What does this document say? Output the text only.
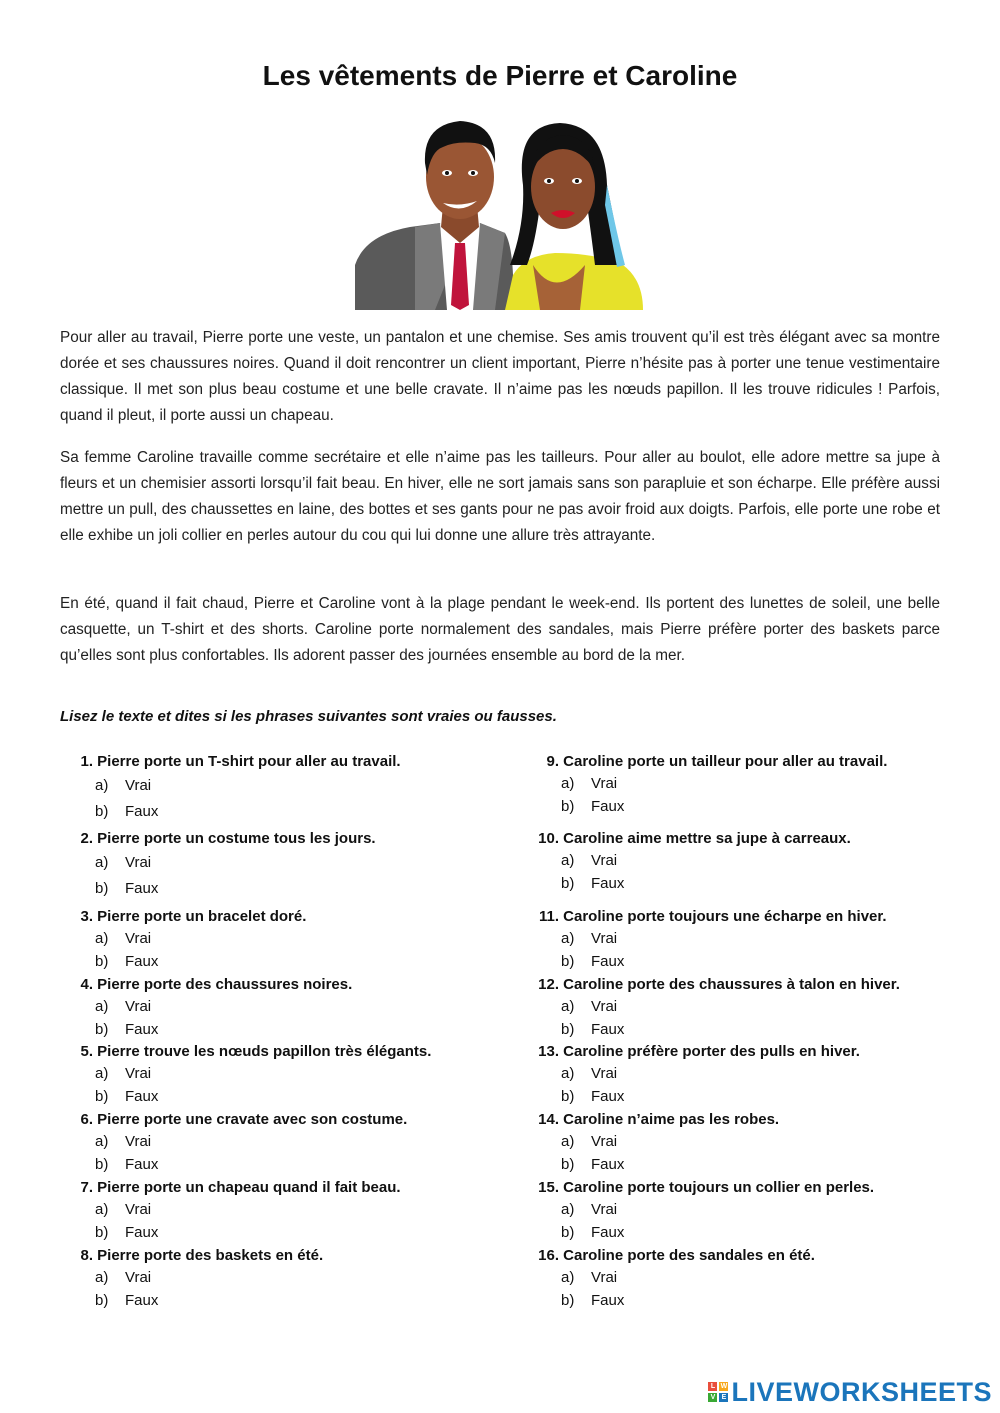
Les vêtements de Pierre et Caroline

Pour aller au travail, Pierre porte une veste, un pantalon et une chemise. Ses amis trouvent qu’il est très élégant avec sa montre dorée et ses chaussures noires. Quand il doit rencontrer un client important, Pierre n’hésite pas à porter une tenue vestimentaire classique. Il met son plus beau costume et une belle cravate. Il n’aime pas les nœuds papillon. Il les trouve ridicules ! Parfois, quand il pleut, il porte aussi un chapeau.

Sa femme Caroline travaille comme secrétaire et elle n’aime pas les tailleurs. Pour aller au boulot, elle adore mettre sa jupe à fleurs et un chemisier assorti lorsqu’il fait beau. En hiver, elle ne sort jamais sans son parapluie et son écharpe. Elle préfère aussi mettre un pull, des chaussettes en laine, des bottes et ses gants pour ne pas avoir froid aux doigts. Parfois, elle porte une robe et elle exhibe un joli collier en perles autour du cou qui lui donne une allure très attrayante.

En été, quand il fait chaud, Pierre et Caroline vont à la plage pendant le week-end. Ils portent des lunettes de soleil, une belle casquette, un T-shirt et des shorts. Caroline porte normalement des sandales, mais Pierre préfère porter des baskets parce qu’elles sont plus confortables. Ils adorent passer des journées ensemble au bord de la mer.

Lisez le texte et dites si les phrases suivantes sont vraies ou fausses.
1. Pierre porte un T-shirt pour aller au travail.
a) Vrai
b) Faux
2. Pierre porte un costume tous les jours.
a) Vrai
b) Faux
3. Pierre porte un bracelet doré.
a) Vrai
b) Faux
4. Pierre porte des chaussures noires.
a) Vrai
b) Faux
5. Pierre trouve les nœuds papillon très élégants.
a) Vrai
b) Faux
6. Pierre porte une cravate avec son costume.
a) Vrai
b) Faux
7. Pierre porte un chapeau quand il fait beau.
a) Vrai
b) Faux
8. Pierre porte des baskets en été.
a) Vrai
b) Faux
9. Caroline porte un tailleur pour aller au travail.
a) Vrai
b) Faux
10. Caroline aime mettre sa jupe à carreaux.
a) Vrai
b) Faux
11. Caroline porte toujours une écharpe en hiver.
a) Vrai
b) Faux
12. Caroline porte des chaussures à talon en hiver.
a) Vrai
b) Faux
13. Caroline préfère porter des pulls en hiver.
a) Vrai
b) Faux
14. Caroline n’aime pas les robes.
a) Vrai
b) Faux
15. Caroline porte toujours un collier en perles.
a) Vrai
b) Faux
16. Caroline porte des sandales en été.
a) Vrai
b) Faux
L W
V E LIVEWORKSHEETS
